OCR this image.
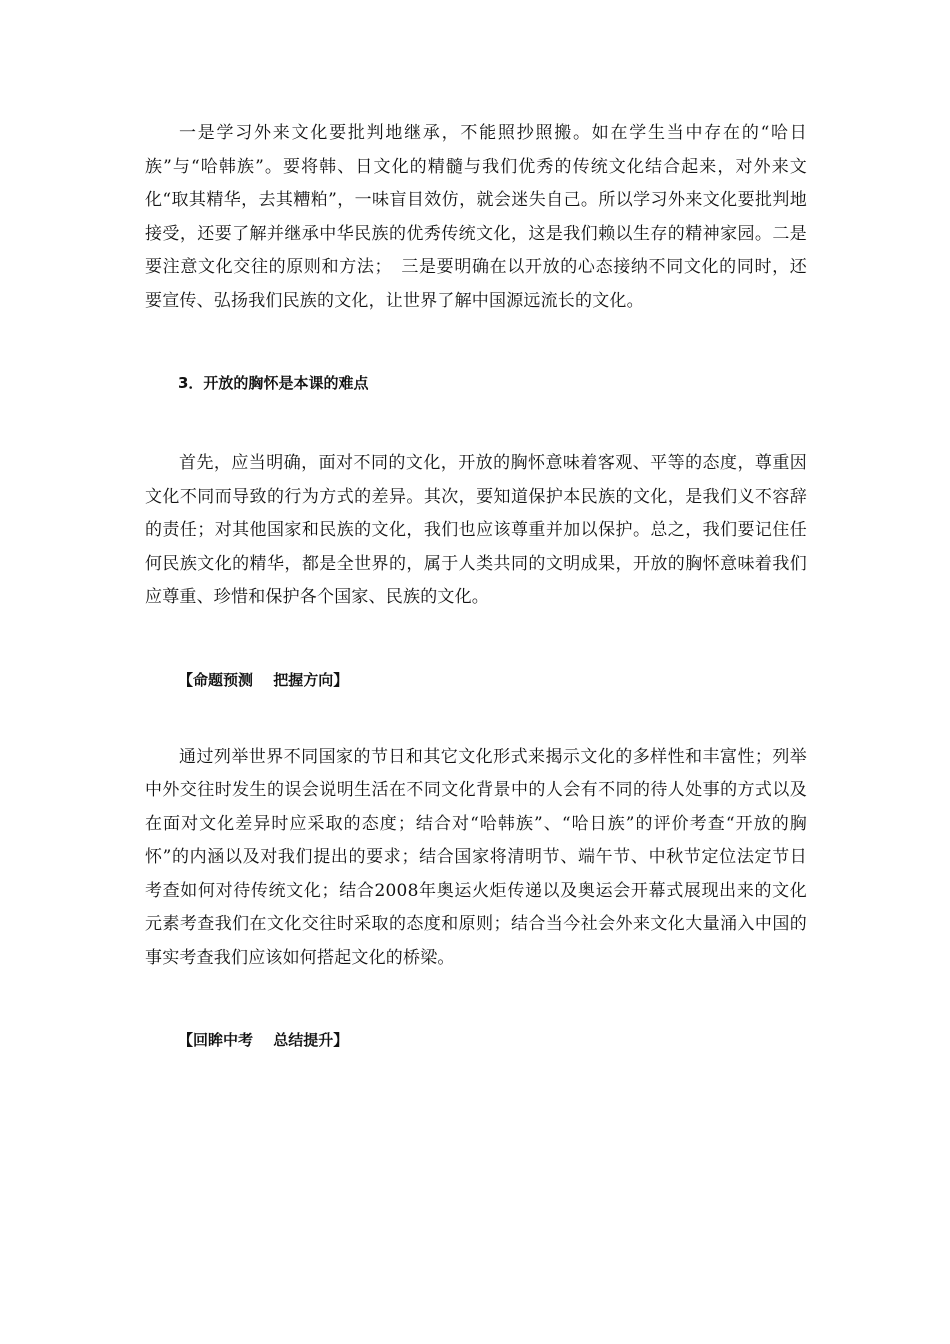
一是学习外来文化要批判地继承，不能照抄照搬。如在学生当中存在的“哈日族”与“哈韩族”。要将韩、日文化的精髓与我们优秀的传统文化结合起来，对外来文化“取其精华，去其糟粕”，一味盲目效仿，就会迷失自己。所以学习外来文化要批判地接受，还要了解并继承中华民族的优秀传统文化，这是我们赖以生存的精神家园。二是要注意文化交往的原则和方法；　三是要明确在以开放的心态接纳不同文化的同时，还要宣传、弘扬我们民族的文化，让世界了解中国源远流长的文化。

3．开放的胸怀是本课的难点

首先，应当明确，面对不同的文化，开放的胸怀意味着客观、平等的态度，尊重因文化不同而导致的行为方式的差异。其次，要知道保护本民族的文化，是我们义不容辞的责任；对其他国家和民族的文化，我们也应该尊重并加以保护。总之，我们要记住任何民族文化的精华，都是全世界的，属于人类共同的文明成果，开放的胸怀意味着我们应尊重、珍惜和保护各个国家、民族的文化。

【命题预测　 把握方向】

通过列举世界不同国家的节日和其它文化形式来揭示文化的多样性和丰富性；列举中外交往时发生的误会说明生活在不同文化背景中的人会有不同的待人处事的方式以及在面对文化差异时应采取的态度；结合对“哈韩族”、“哈日族”的评价考查“开放的胸怀”的内涵以及对我们提出的要求；结合国家将清明节、端午节、中秋节定位法定节日考查如何对待传统文化；结合2008年奥运火炬传递以及奥运会开幕式展现出来的文化元素考查我们在文化交往时采取的态度和原则；结合当今社会外来文化大量涌入中国的事实考查我们应该如何搭起文化的桥梁。

【回眸中考　 总结提升】
